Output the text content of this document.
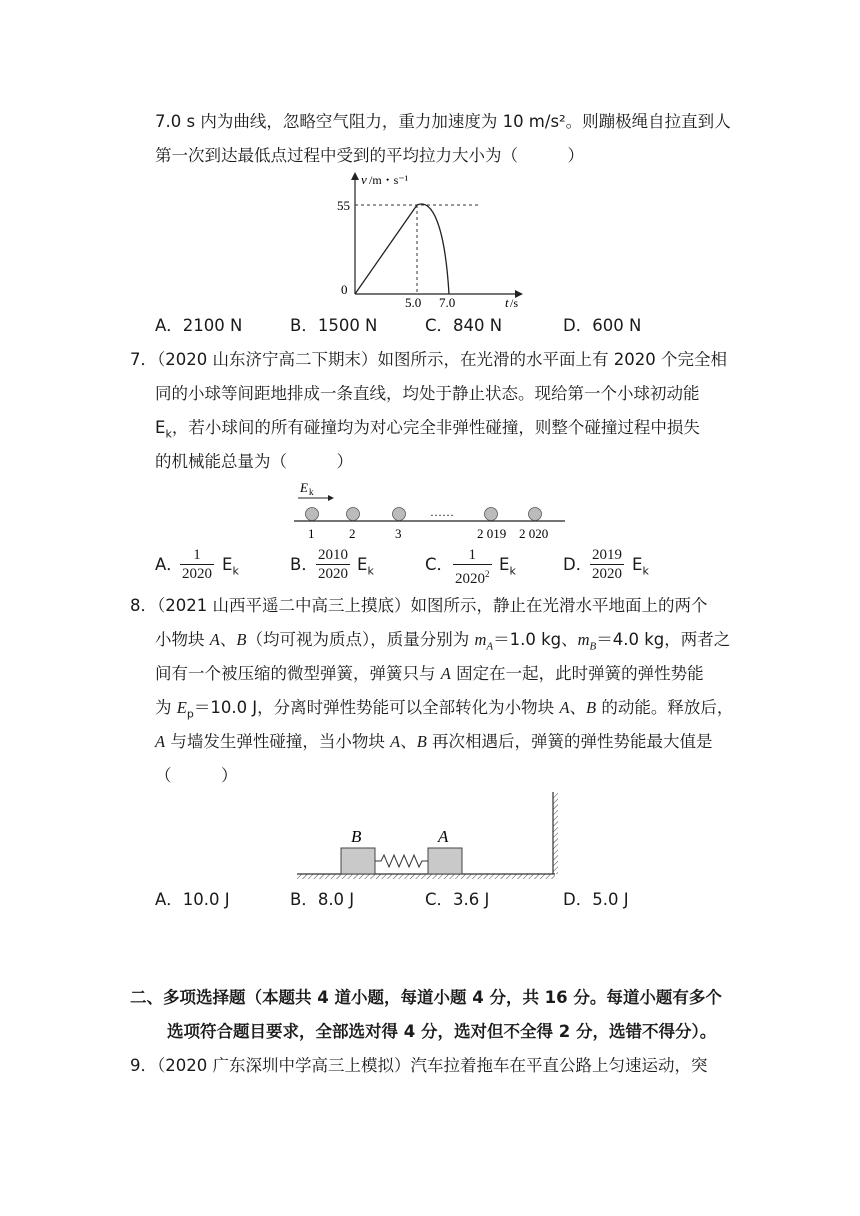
7.0 s 内为曲线，忽略空气阻力，重力加速度为 10 m/s²。则蹦极绳自拉直到人
第一次到达最低点过程中受到的平均拉力大小为（　　　）
v /m・s⁻¹
55
0
5.0 7.0	t /s
A．2100 N	B．1500 N	C．840 N	D．600 N
7．（2020 山东济宁高二下期末）如图所示，在光滑的水平面上有 2020 个完全相
同的小球等间距地排成一条直线，均处于静止状态。现给第一个小球初动能
$E_k$，若小球间的所有碰撞均为对心完全非弹性碰撞，则整个碰撞过程中损失
的机械能总量为（　　　）
E k
……
1	2	3	2 019 2 020
A．
$\frac{1}{2020} E_k$	B．
$\frac{2010}{2020} E_k$	C． $\frac{1}{2020^2} E_k$	D．
$\frac{2019}{2020} E_k$
8．（2021 山西平遥二中高三上摸底）如图所示，静止在光滑水平地面上的两个
小物块 A、B（均可视为质点），质量分别为 $m_A=1.0$ kg、$m_B=4.0$ kg，两者之
间有一个被压缩的微型弹簧，弹簧只与 A 固定在一起，此时弹簧的弹性势能
为 $E_p=10.0$ J，分离时弹性势能可以全部转化为小物块 A、B 的动能。释放后，
A 与墙发生弹性碰撞，当小物块 A、B 再次相遇后，弹簧的弹性势能最大值是
（　　　）
B	A
A．10.0 J	B．8.0 J	C．3.6 J	D．5.0 J
二、多项选择题（本题共 4 道小题，每道小题 4 分，共 16 分。每道小题有多个
选项符合题目要求，全部选对得 4 分，选对但不全得 2 分，选错不得分）。
9．（2020 广东深圳中学高三上模拟）汽车拉着拖车在平直公路上匀速运动，突
